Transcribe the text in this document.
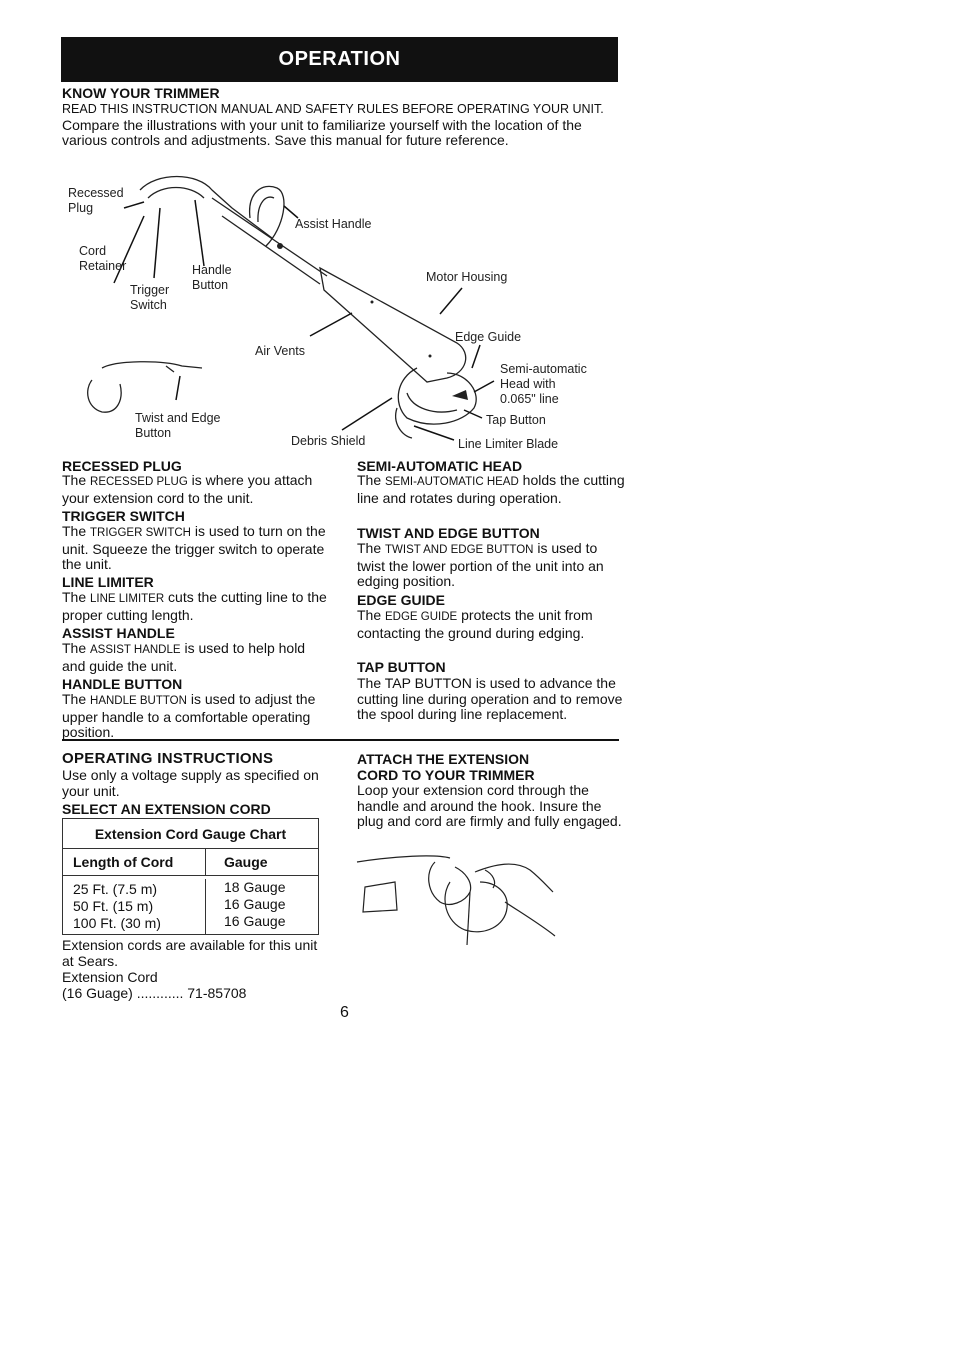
OPERATION
KNOW YOUR TRIMMER
READ THIS INSTRUCTION MANUAL AND SAFETY RULES BEFORE OPERATING YOUR UNIT. Compare the illustrations with your unit to familiarize yourself with the location of the various controls and adjustments. Save this manual for future reference.
Recessed
Plug
Cord
Retainer
Trigger
Switch
Handle
Button
Assist Handle
Motor Housing
Air Vents
Edge Guide
Semi-automatic
Head with
0.065" line
Tap Button
Twist and Edge
Button
Debris Shield	Line Limiter Blade
RECESSED PLUG
The RECESSED PLUG is where you attach your extension cord to the unit.
TRIGGER SWITCH
The TRIGGER SWITCH is used to turn on the unit. Squeeze the trigger switch to operate the unit.
LINE LIMITER
The LINE LIMITER cuts the cutting line to the proper cutting length.
ASSIST HANDLE
The ASSIST HANDLE is used to help hold and guide the unit.
HANDLE BUTTON
The HANDLE BUTTON is used to adjust the upper handle to a comfortable operating position.
SEMI-AUTOMATIC HEAD
The SEMI-AUTOMATIC HEAD holds the cutting line and rotates during operation.
TWIST AND EDGE BUTTON
The TWIST AND EDGE BUTTON is used to twist the lower portion of the unit into an edging position.
EDGE GUIDE
The EDGE GUIDE protects the unit from contacting the ground during edging.
TAP BUTTON
The TAP BUTTON is used to advance the cutting line during operation and to remove the spool during line replacement.
OPERATING INSTRUCTIONS
Use only a voltage supply as specified on your unit.
SELECT AN EXTENSION CORD
Extension Cord Gauge Chart
Length of Cord	Gauge
25 Ft. (7.5 m)
50 Ft. (15 m)
100 Ft. (30 m)
18 Gauge
16 Gauge
16 Gauge
Extension cords are available for this unit at Sears.
Extension Cord
(16 Guage) ............ 71-85708
ATTACH THE EXTENSION
CORD TO YOUR TRIMMER
Loop your extension cord through the handle and around the hook. Insure the plug and cord are firmly and fully engaged.
6
